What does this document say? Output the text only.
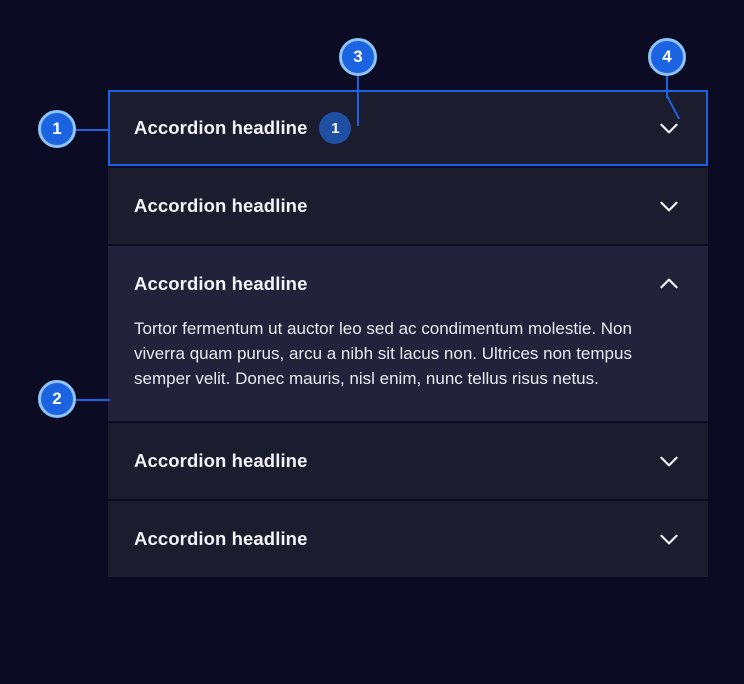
Accordion headline	1
Accordion headline
Accordion headline

Tortor fermentum ut auctor leo sed ac condimentum molestie. Non viverra quam purus, arcu a nibh sit lacus non. Ultrices non tempus semper velit. Donec mauris, nisl enim, nunc tellus risus netus.

Accordion headline
Accordion headline
1
2
3	4
